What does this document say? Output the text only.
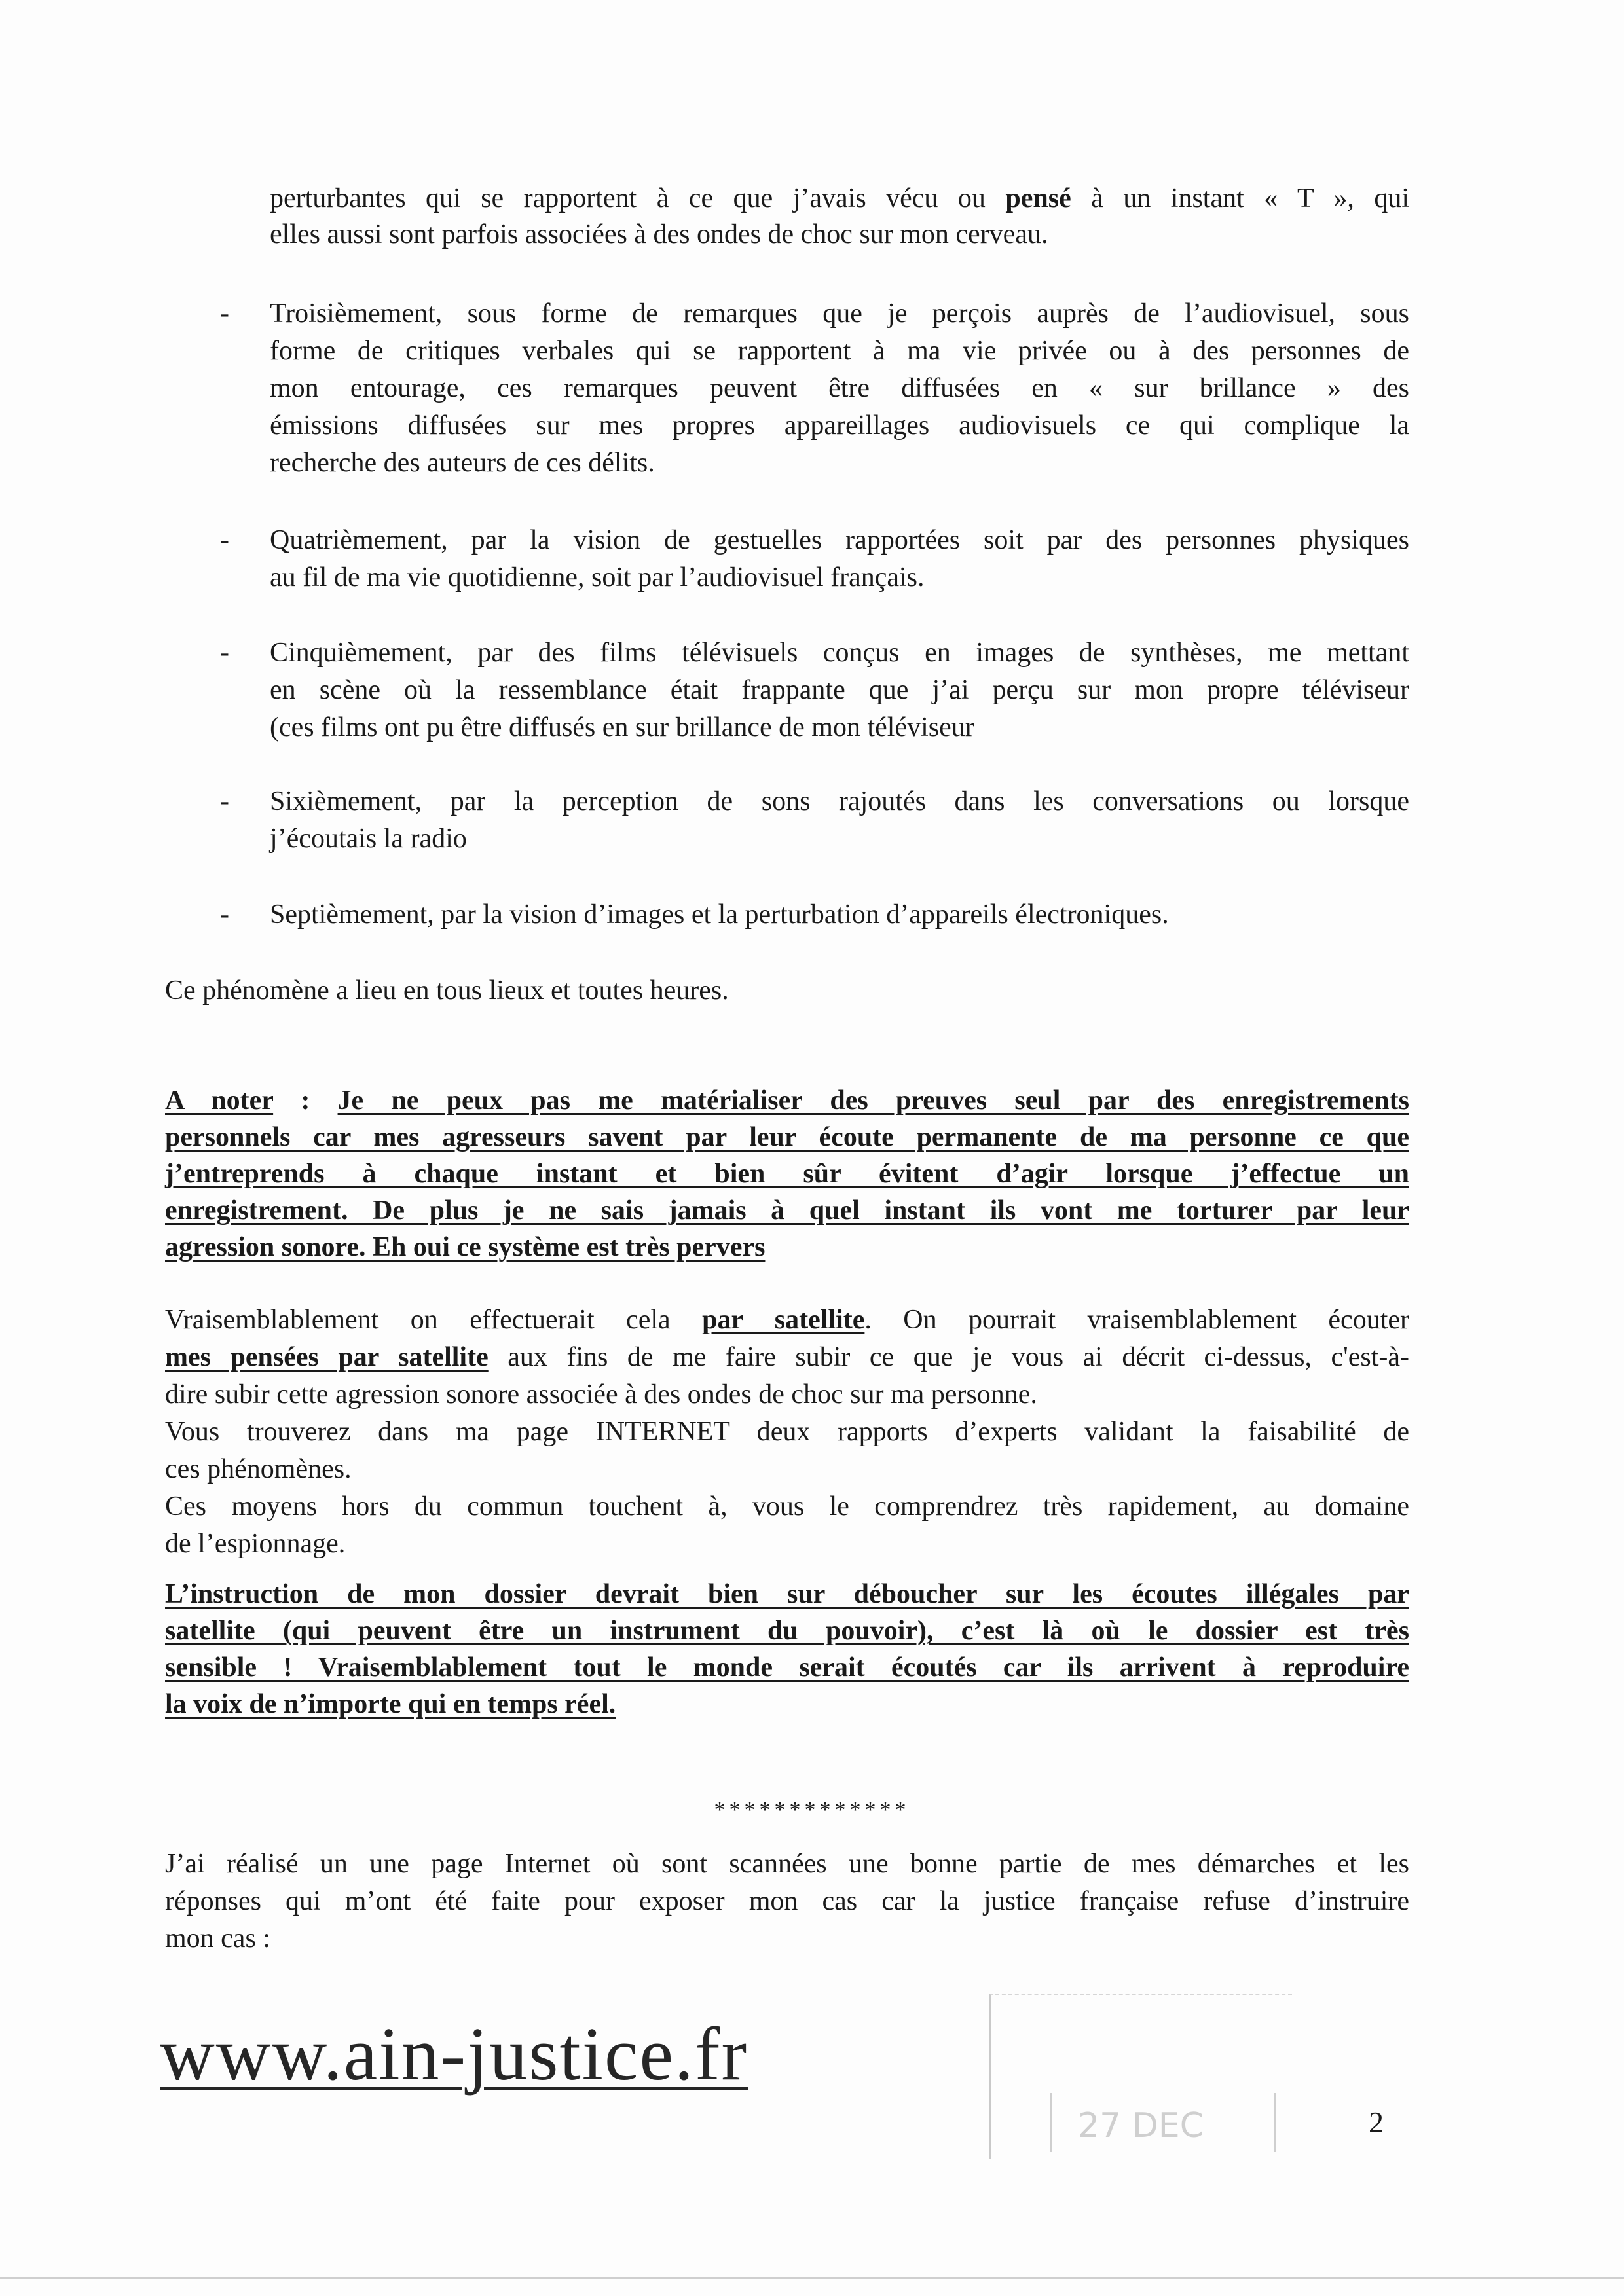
perturbantes qui se rapportent à ce que j’avais vécu ou pensé à un instant « T », qui
elles aussi sont parfois associées à des ondes de choc sur mon cerveau.
- Troisièmement, sous forme de remarques que je perçois auprès de l’audiovisuel, sous
forme de critiques verbales qui se rapportent à ma vie privée ou à des personnes de
mon entourage, ces remarques peuvent être diffusées en « sur brillance » des
émissions diffusées sur mes propres appareillages audiovisuels ce qui complique la
recherche des auteurs de ces délits.
- Quatrièmement, par la vision de gestuelles rapportées soit par des personnes physiques
au fil de ma vie quotidienne, soit par l’audiovisuel français.
- Cinquièmement, par des films télévisuels conçus en images de synthèses, me mettant
en scène où la ressemblance était frappante que j’ai perçu sur mon propre téléviseur
(ces films ont pu être diffusés en sur brillance de mon téléviseur
- Sixièmement, par la perception de sons rajoutés dans les conversations ou lorsque
j’écoutais la radio
- Septièmement, par la vision d’images et la perturbation d’appareils électroniques.
Ce phénomène a lieu en tous lieux et toutes heures.
A noter : Je ne peux pas me matérialiser des preuves seul par des enregistrements
personnels car mes agresseurs savent par leur écoute permanente de ma personne ce que
j’entreprends à chaque instant et bien sûr évitent d’agir lorsque j’effectue un
enregistrement. De plus je ne sais jamais à quel instant ils vont me torturer par leur
agression sonore. Eh oui ce système est très pervers
Vraisemblablement on effectuerait cela par satellite. On pourrait vraisemblablement écouter
mes pensées par satellite aux fins de me faire subir ce que je vous ai décrit ci-dessus, c'est-à-
dire subir cette agression sonore associée à des ondes de choc sur ma personne.
Vous trouverez dans ma page INTERNET deux rapports d’experts validant la faisabilité de
ces phénomènes.
Ces moyens hors du commun touchent à, vous le comprendrez très rapidement, au domaine
de l’espionnage.
L’instruction de mon dossier devrait bien sur déboucher sur les écoutes illégales par
satellite (qui peuvent être un instrument du pouvoir), c’est là où le dossier est très
sensible ! Vraisemblablement tout le monde serait écoutés car ils arrivent à reproduire
la voix de n’importe qui en temps réel.
*************
J’ai réalisé un une page Internet où sont scannées une bonne partie de mes démarches et les
réponses qui m’ont été faite pour exposer mon cas car la justice française refuse d’instruire
mon cas :
www.ain-justice.fr
27 DEC	2
